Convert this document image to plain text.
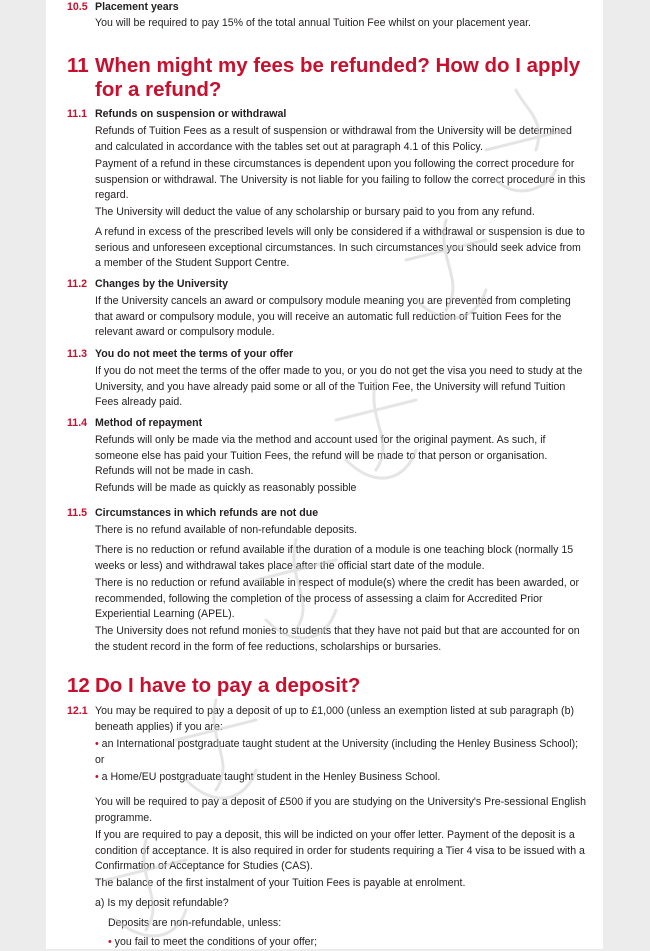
10.5 Placement years
You will be required to pay 15% of the total annual Tuition Fee whilst on your placement year.
11 When might my fees be refunded? How do I apply
for a refund?
11.1 Refunds on suspension or withdrawal
Refunds of Tuition Fees as a result of suspension or withdrawal from the University will be determined and calculated in accordance with the tables set out at paragraph 4.1 of this Policy.
Payment of a refund in these circumstances is dependent upon you following the correct procedure for suspension or withdrawal. The University is not liable for you failing to follow the correct procedure in this regard.
The University will deduct the value of any scholarship or bursary paid to you from any refund.
A refund in excess of the prescribed levels will only be considered if a withdrawal or suspension is due to serious and unforeseen exceptional circumstances. In such circumstances you should seek advice from a member of the Student Support Centre.
11.2 Changes by the University
If the University cancels an award or compulsory module meaning you are prevented from completing that award or compulsory module, you will receive an automatic full reduction of Tuition Fees for the relevant award or compulsory module.
11.3 You do not meet the terms of your offer
If you do not meet the terms of the offer made to you, or you do not get the visa you need to study at the University, and you have already paid some or all of the Tuition Fee, the University will refund Tuition Fees already paid.
11.4 Method of repayment
Refunds will only be made via the method and account used for the original payment. As such, if someone else has paid your Tuition Fees, the refund will be made to that person or organisation. Refunds will not be made in cash.
Refunds will be made as quickly as reasonably possible
11.5 Circumstances in which refunds are not due
There is no refund available of non-refundable deposits.
There is no reduction or refund available if the duration of a module is one teaching block (normally 15 weeks or less) and withdrawal takes place after the official start date of the module.
There is no reduction or refund available in respect of module(s) where the credit has been awarded, or recommended, following the completion of the process of assessing a claim for Accredited Prior Experiential Learning (APEL).
The University does not refund monies to students that they have not paid but that are accounted for on the student record in the form of fee reductions, scholarships or bursaries.
12 Do I have to pay a deposit?
12.1 You may be required to pay a deposit of up to £1,000 (unless an exemption listed at sub paragraph (b) beneath applies) if you are:
• an International postgraduate taught student at the University (including the Henley Business School); or
• a Home/EU postgraduate taught student in the Henley Business School.
You will be required to pay a deposit of £500 if you are studying on the University's Pre-sessional English programme.
If you are required to pay a deposit, this will be indicted on your offer letter. Payment of the deposit is a condition of acceptance. It is also required in order for students requiring a Tier 4 visa to be issued with a Confirmation of Acceptance for Studies (CAS).
The balance of the first instalment of your Tuition Fees is payable at enrolment.
a) Is my deposit refundable?
Deposits are non-refundable, unless:
• you fail to meet the conditions of your offer;
